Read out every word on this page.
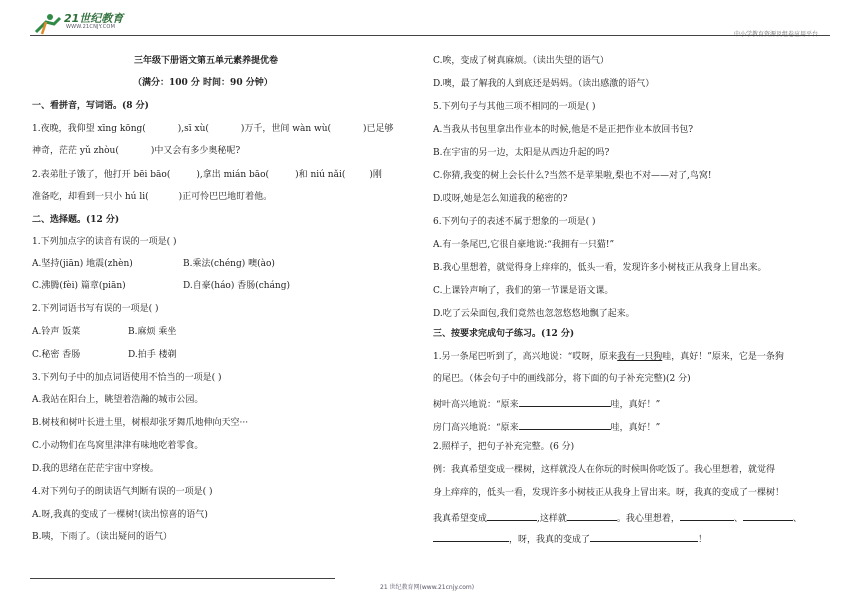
21世纪教育
WWW.21CNJY.COM
三年级下册语文第五单元素养提优卷
（满分：100 分 时间：90 分钟）
一、看拼音，写词语。(8 分)
1.夜晚，我仰望 xīng kōng(	),sī xù(	)万千，世间 wàn wù(	)已足够
神奇，茫茫 yǔ zhòu(	)中又会有多少奥秘呢?
2.表弟肚子饿了，他打开 bēi bāo(	),拿出 mián bāo(	)和 niú nǎi(	)刚
准备吃，却看到一只小 hú li(	)正可怜巴巴地盯着他。
二、选择题。(12 分)
1.下列加点字的读音有误的一项是( )
A.坚持(jiān) 地震(zhèn)	B.乘法(chéng) 噢(ào)
C.沸腾(fèi) 篇章(piān)	D.自豪(háo) 香肠(cháng)
2.下列词语书写有误的一项是( )
A.铃声 饭菜	B.麻烦 乘坐
C.秘密 香肠	D.拍手 楼剃
3.下列句子中的加点词语使用不恰当的一项是( )
A.我站在阳台上，眺望着浩瀚的城市公园。
B.树枝和树叶长进土里，树根却张牙舞爪地伸向天空···
C.小动物们在鸟窝里津津有味地吃着零食。
D.我的思绪在茫茫宇宙中穿梭。
4.对下列句子的朗读语气判断有误的一项是( )
A.呀,我真的变成了一棵树!(读出惊喜的语气)
B.咦，下雨了。（读出疑问的语气）
C.唉，变成了树真麻烦。（读出失望的语气）
D.噢，最了解我的人到底还是妈妈。（读出感激的语气）
5.下列句子与其他三项不相同的一项是( )
A.当我从书包里拿出作业本的时候,他是不是正把作业本放回书包?
B.在宇宙的另一边，太阳是从西边升起的吗?
C.你猜,我变的树上会长什么?当然不是苹果啦,梨也不对——对了,鸟窝!
D.哎呀,她是怎么知道我的秘密的?
6.下列句子的表述不属于想象的一项是( )
A.有一条尾巴,它很自豪地说:“我拥有一只猫!”
B.我心里想着，就觉得身上痒痒的，低头一看，发现许多小树枝正从我身上冒出来。
C.上课铃声响了，我们的第一节课是语文课。
D.吃了云朵面包,我们竟然也忽忽悠悠地飘了起来。
三、按要求完成句子练习。(12 分)
1.另一条尾巴听到了，高兴地说：“哎呀，原来我有一只狗哇，真好！”原来，它是一条狗
的尾巴。（体会句子中的画线部分，将下面的句子补充完整)(2 分)
树叶高兴地说：“原来	哇，真好！”
房门高兴地说：“原来	哇，真好！”
2.照样子，把句子补充完整。(6 分)
例：我真希望变成一棵树，这样就没人在你玩的时候叫你吃饭了。我心里想着，就觉得
身上痒痒的，低头一看，发现许多小树枝正从我身上冒出来。呀，我真的变成了一棵树！
我真希望变成	,这样就	。我心里想着，	、	、
，呀，我真的变成了	！
21 世纪教育网(www.21cnjy.com)
